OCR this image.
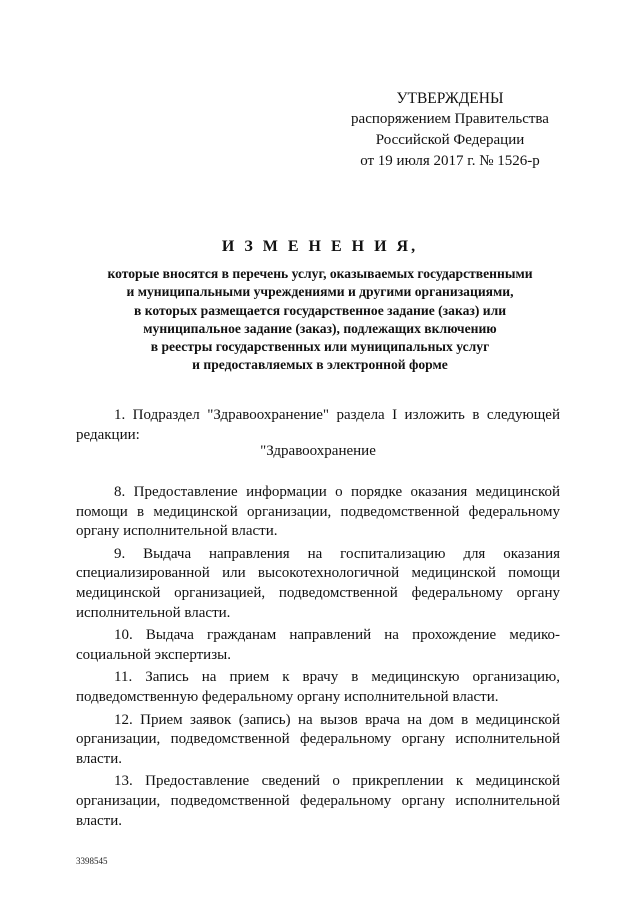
УТВЕРЖДЕНЫ
распоряжением Правительства
Российской Федерации
от 19 июля 2017 г. № 1526-р
И З М Е Н Е Н И Я,
которые вносятся в перечень услуг, оказываемых государственными
и муниципальными учреждениями и другими организациями,
в которых размещается государственное задание (заказ) или
муниципальное задание (заказ), подлежащих включению
в реестры государственных или муниципальных услуг
и предоставляемых в электронной форме

1. Подраздел "Здравоохранение" раздела I изложить в следующей редакции:

"Здравоохранение

8. Предоставление информации о порядке оказания медицинской помощи в медицинской организации, подведомственной федеральному органу исполнительной власти.

9. Выдача направления на госпитализацию для оказания специализированной или высокотехнологичной медицинской помощи медицинской организацией, подведомственной федеральному органу исполнительной власти.

10. Выдача гражданам направлений на прохождение медико-социальной экспертизы.

11. Запись на прием к врачу в медицинскую организацию, подведомственную федеральному органу исполнительной власти.

12. Прием заявок (запись) на вызов врача на дом в медицинской организации, подведомственной федеральному органу исполнительной власти.

13. Предоставление сведений о прикреплении к медицинской организации, подведомственной федеральному органу исполнительной власти.

3398545
